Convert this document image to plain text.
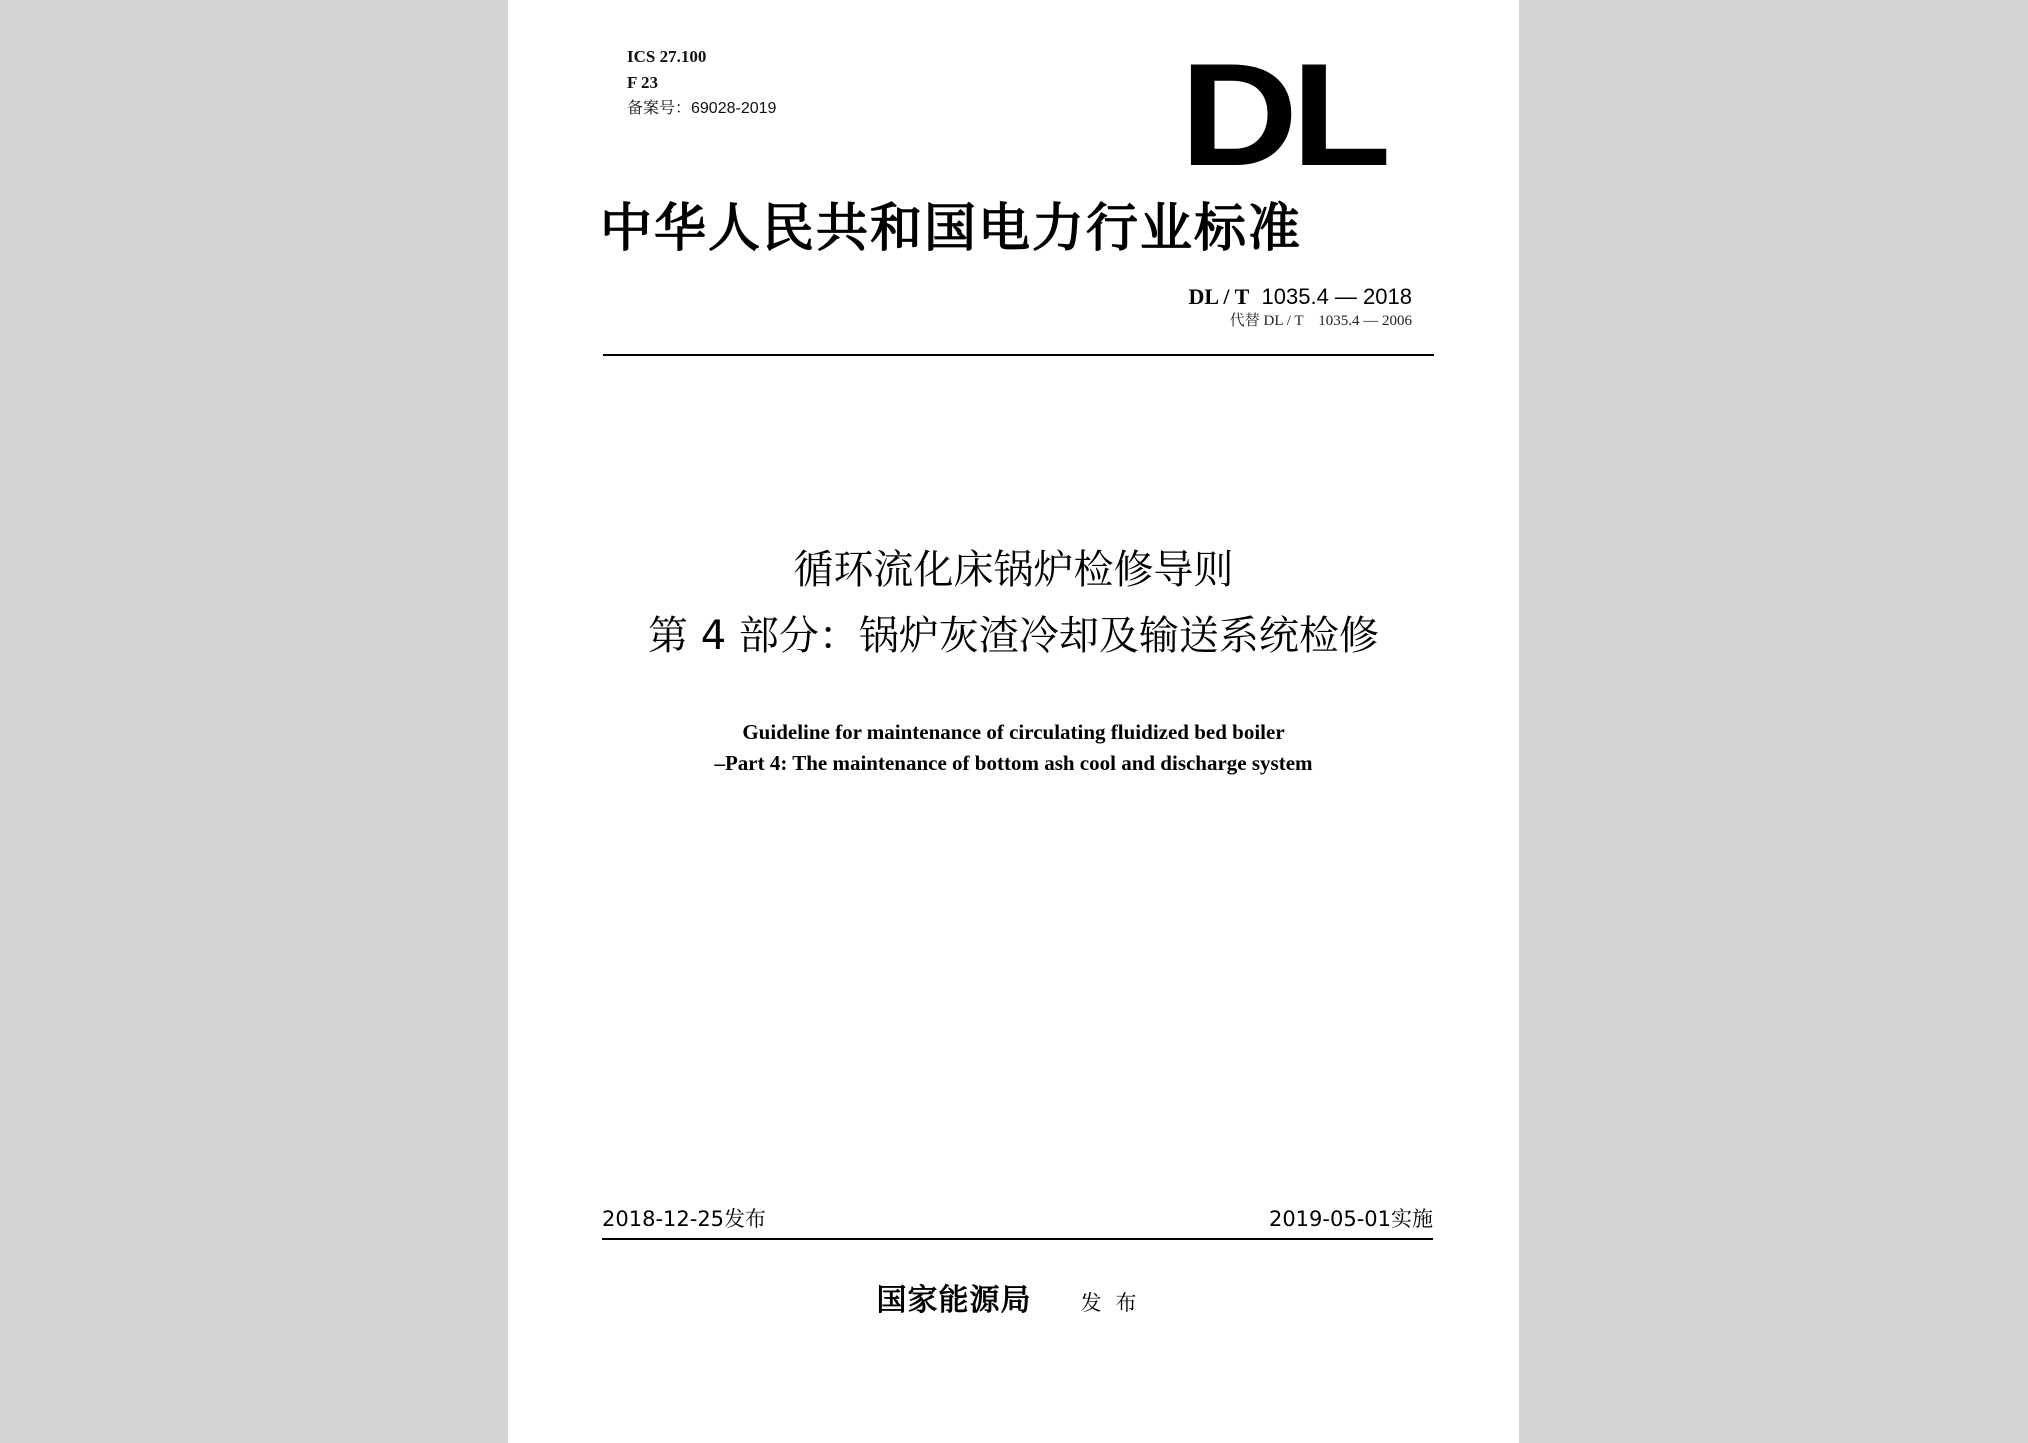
ICS 27.100
F 23
备案号：69028-2019	DL
中华人民共和国电力行业标准
DL / T 1035.4 — 2018
代替 DL / T　1035.4 — 2006
循环流化床锅炉检修导则
第 4 部分：锅炉灰渣冷却及输送系统检修
Guideline for maintenance of circulating fluidized bed boiler
–Part 4: The maintenance of bottom ash cool and discharge system
2018-12-25发布	2019-05-01实施
国家能源局 发布
